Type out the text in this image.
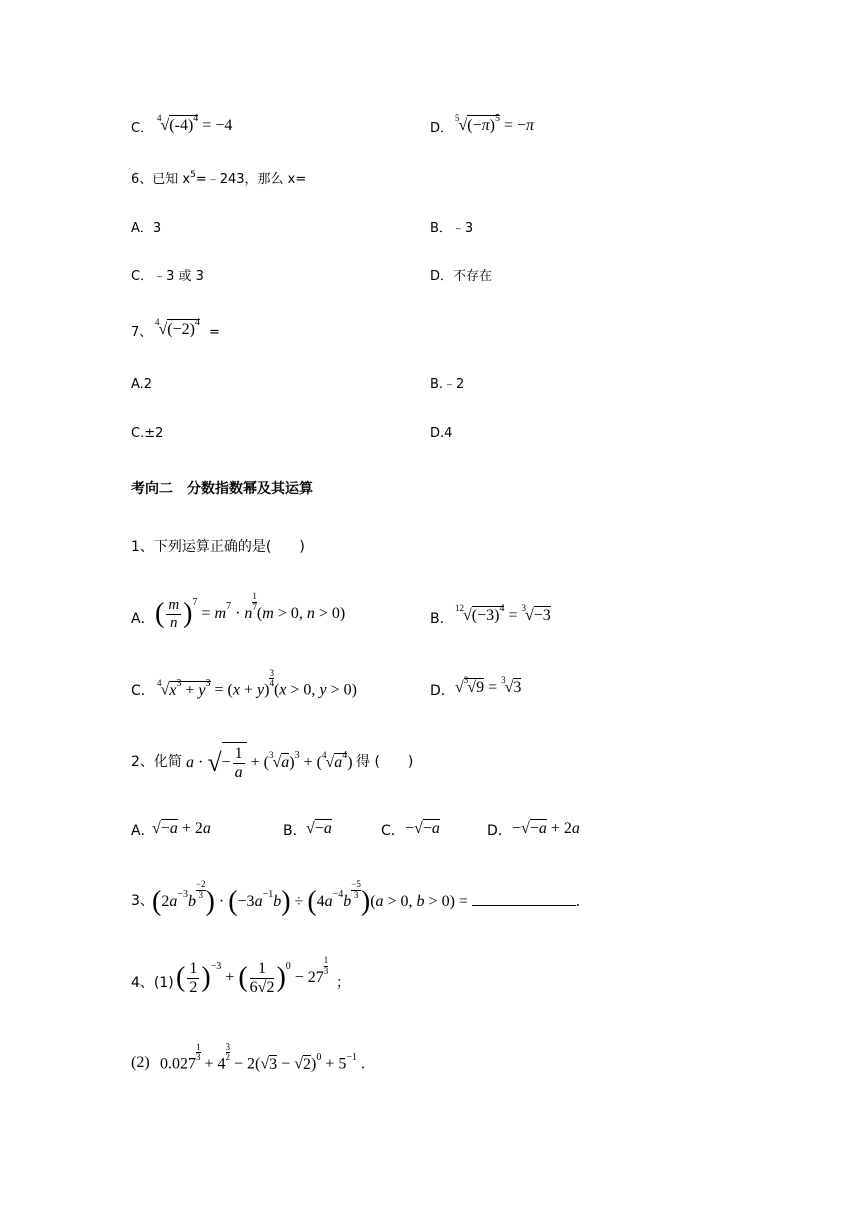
C．
$^4√(-4)^4 = -4$	D．
$^5√(-\pi)^5 = -\pi$
6、已知 $x^5=﹣243$，那么 x=
A．3	B．﹣3
C．﹣3 或 3	D．不存在
7、
$^4√(-2)^4$
=
A.2	B.﹣2
C.±2	D.4
考向二　分数指数幂及其运算
1、下列运算正确的是(　　)
A． ( $\frac{m}{n} )^7 = m^7 \cdot n$
$\frac{1}{7}$
(m > 0, n > 0)	B．
$^{12}√(-3)^4 = ^3√-3$
C．
$^4√x^3 + y^3 = (x + y)$
$\frac{3}{4}$
(x > 0, y > 0)	D． √$^3$√9 = $^3$√3
2、化简 a · √− $\frac{1}{a} + (^3√a)^3 + (^4√a^4)$ 得 (　　)
A．
√−a + 2a	B． √−a	C． −√−a	D． −√−a + 2a
3、
($2a^{-3}b$
$\frac{-2}{3}$ ) · $(-3a^{-1}b) \div (4a^{-4}b$
$\frac{-5}{3} )(a > 0$, b > 0) =	.
4、(1) ( $\frac{1}{2} )^{-3}$ + ( $\frac{1}{6√2} )^0 - 27$
$\frac{1}{3}$
；
(2) 0.027
$\frac{1}{3}$
+ 4
$\frac{3}{2}$
− $2(√3 - √2)^0 + 5^{-1}$ .
